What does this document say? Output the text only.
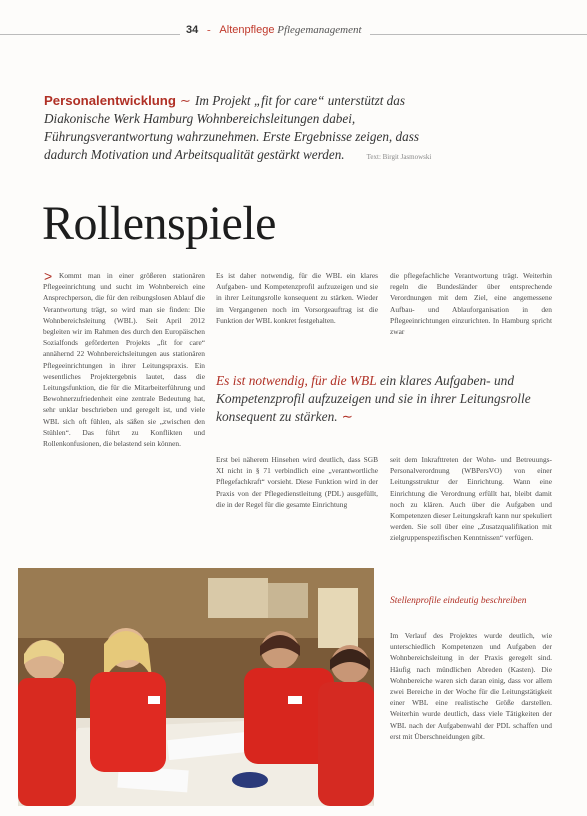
34 - Altenpflege Pflegemanagement
Personalentwicklung ∼ Im Projekt „fit for care“ unterstützt das Diakonische Werk Hamburg Wohnbereichsleitungen dabei, Führungsverantwortung wahrzunehmen. Erste Ergebnisse zeigen, dass dadurch Motivation und Arbeitsqualität gestärkt werden.	Text: Birgit Jasmowski
Rollenspiele
> Kommt man in einer größeren stationären Pflegeeinrichtung und sucht im Wohnbereich eine Ansprechperson, die für den reibungslosen Ablauf die Verantwortung trägt, so wird man sie finden: Die Wohnbereichsleitung (WBL). Seit April 2012 begleiten wir im Rahmen des durch den Europäischen Sozialfonds geförderten Projekts „fit for care“ annähernd 22 Wohnbereichsleitungen aus stationären Pflegeeinrichtungen in ihrer Leitungspraxis. Ein wesentliches Projektergebnis lautet, dass die Leitungsfunktion, die für die Mitarbeiterführung und Bewohnerzufriedenheit eine zentrale Bedeutung hat, sehr unklar beschrieben und geregelt ist, und viele WBL sich oft fühlen, als säßen sie „zwischen den Stühlen“. Das führt zu Konflikten und Rollenkonfusionen, die belastend sein können.

Es ist daher notwendig, für die WBL ein klares Aufgaben- und Kompetenzprofil aufzuzeigen und sie in ihrer Leitungsrolle konsequent zu stärken. Wieder im Vergangenen noch im Vorsorgeauftrag ist die Funktion der WBL konkret festgehalten.

die pflegefachliche Verantwortung trägt. Weiterhin regeln die Bundesländer über entsprechende Verordnungen mit dem Ziel, eine angemessene Aufbau- und Ablauforganisation in den Pflegeeinrichtungen einzurichten. In Hamburg spricht zwar

Es ist notwendig, für die WBL ein klares Aufgaben- und Kompetenzprofil aufzuzeigen und sie in ihrer Leitungsrolle konsequent zu stärken. ∼

Erst bei näherem Hinsehen wird deutlich, dass SGB XI nicht in § 71 verbindlich eine „verantwortliche Pflegefachkraft“ vorsieht. Diese Funktion wird in der Praxis von der Pflegedienstleitung (PDL) ausgefüllt, die in der Regel für die gesamte Einrichtung

seit dem Inkrafttreten der Wohn- und Betreuungs-Personalverordnung (WBPersVO) von einer Leitungsstruktur der Einrichtung. Wann eine Einrichtung die Verordnung erfüllt hat, bleibt damit noch zu klären. Auch über die Aufgaben und Kompetenzen dieser Leitungskraft kann nur spekuliert werden. Sie soll über eine „Zusatzqualifikation mit zielgruppenspezifischen Kenntnissen“ verfügen.

Stellenprofile eindeutig beschreiben

Im Verlauf des Projektes wurde deutlich, wie unterschiedlich Kompetenzen und Aufgaben der Wohnbereichsleitung in der Praxis geregelt sind. Häufig nach mündlichen Abreden (Kasten). Die Wohnbereiche waren sich daran einig, dass vor allem zwei Bereiche in der Woche für die Leitungstätigkeit einer WBL eine realistische Größe darstellen. Weiterhin wurde deutlich, dass viele Tätigkeiten der WBL nach der Aufgabenwahl der PDL schaffen und erst mit Überschneidungen gibt.
